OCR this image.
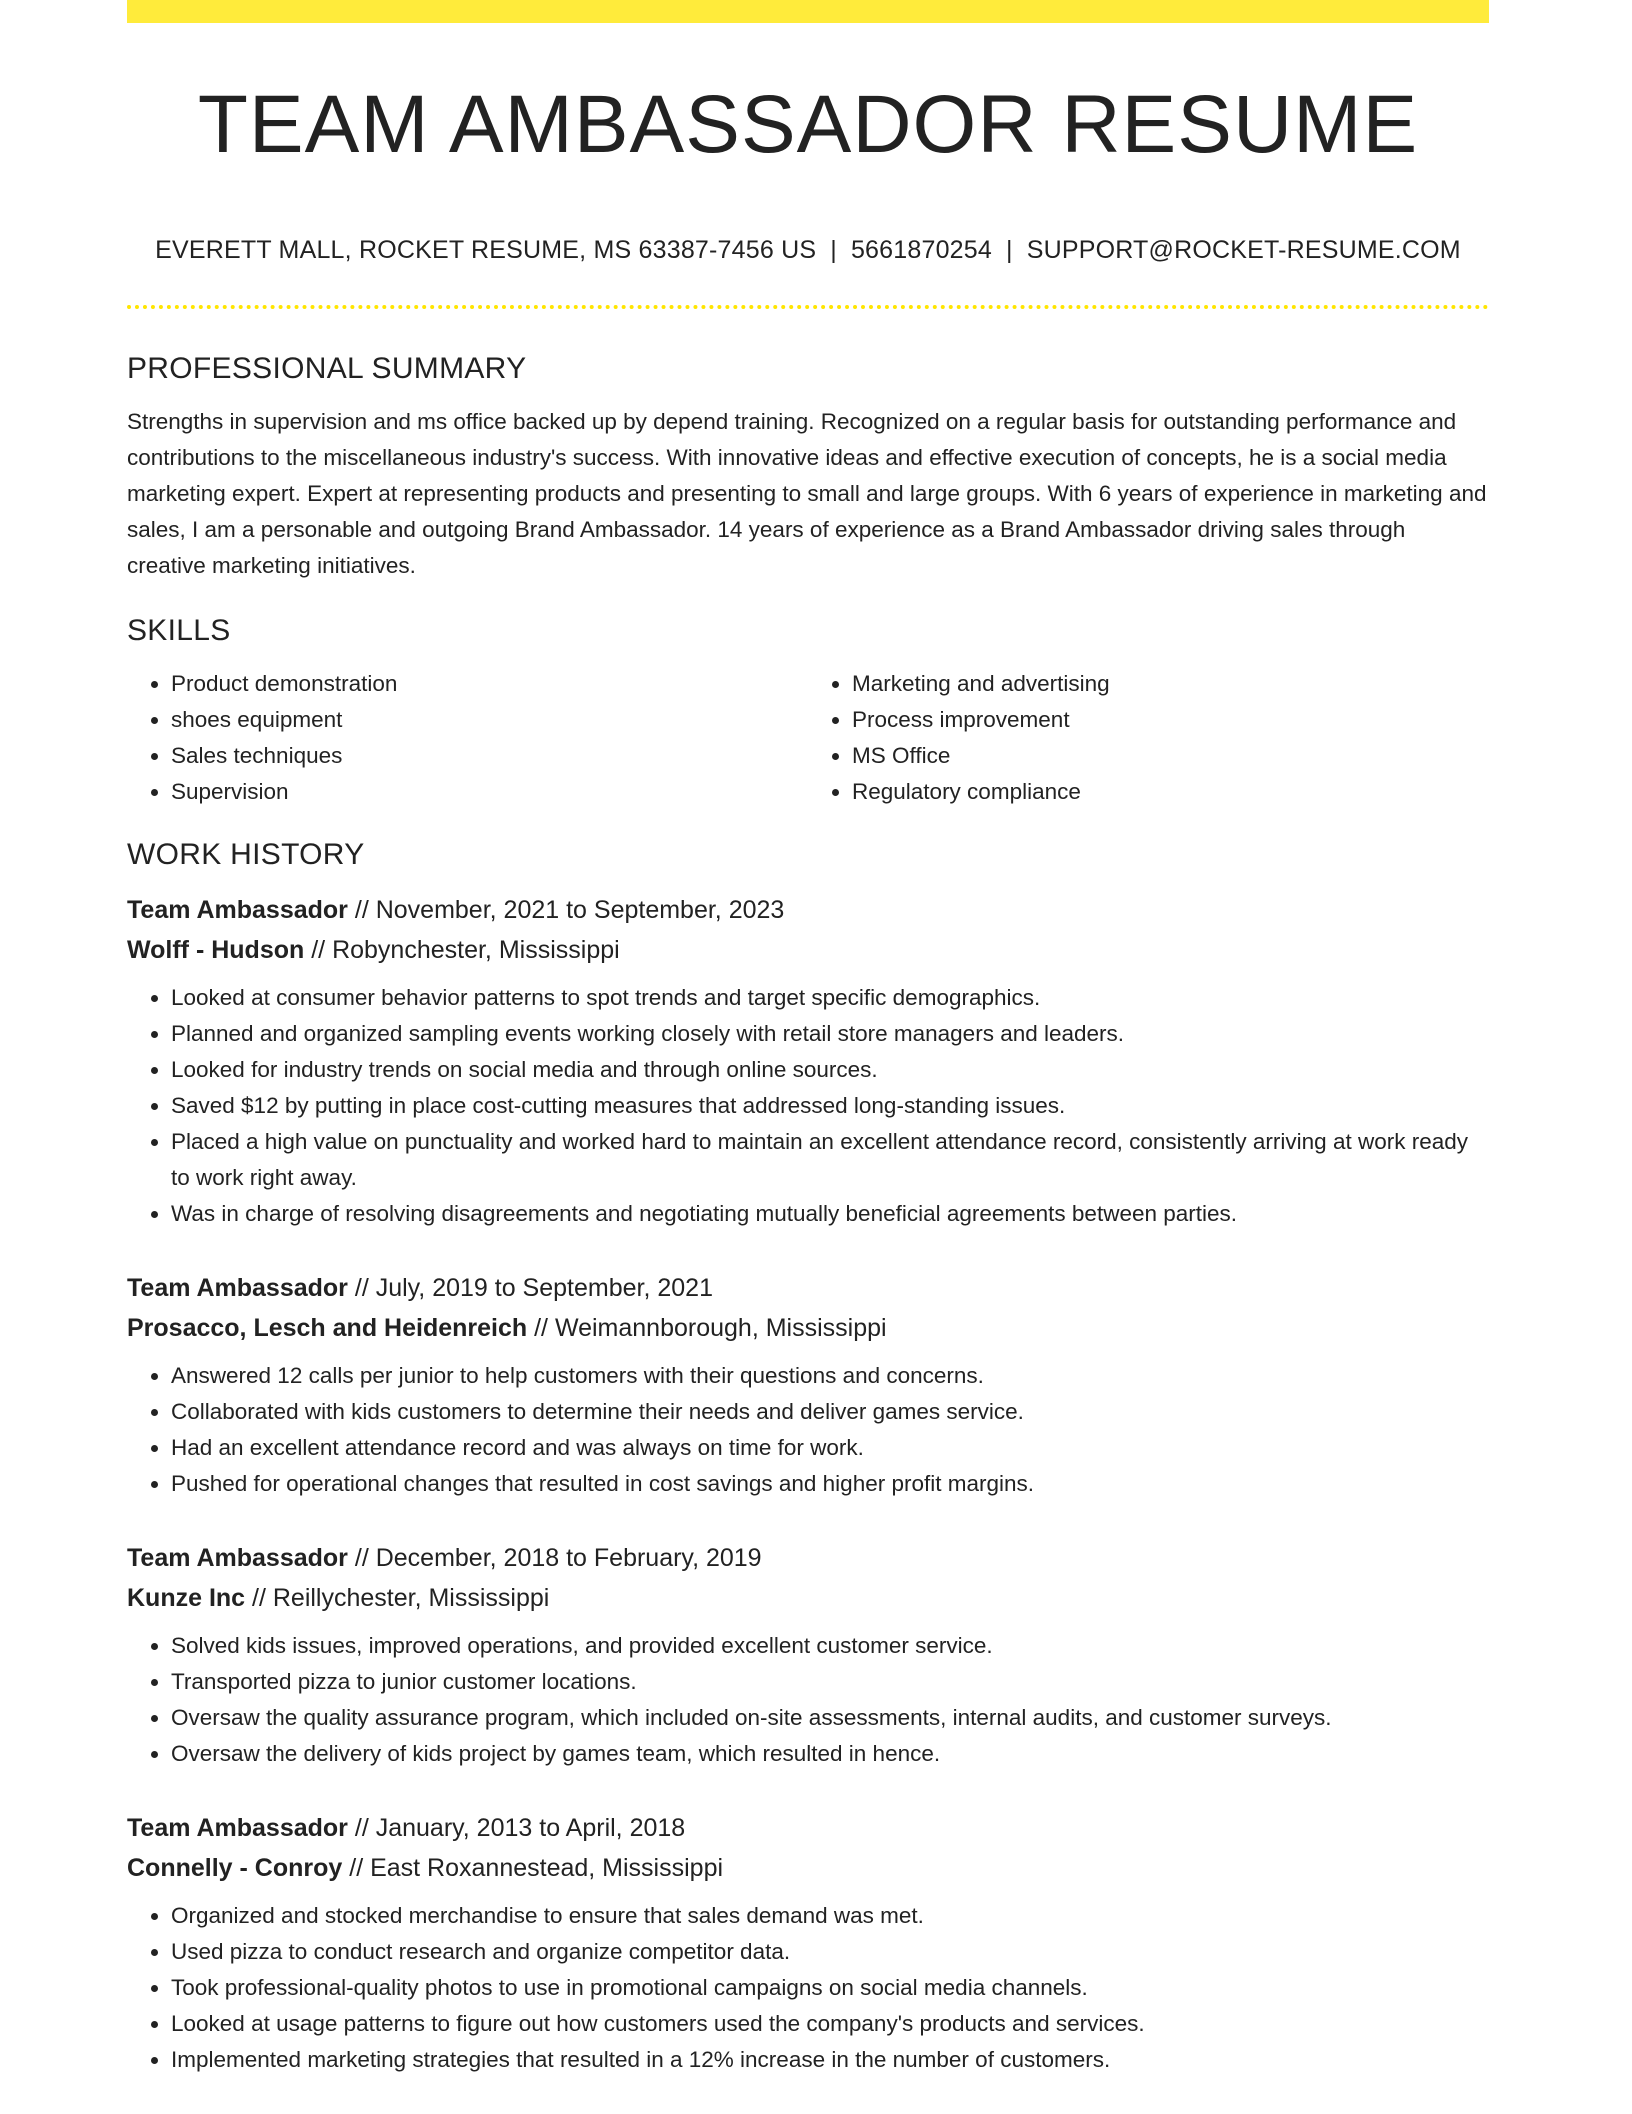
TEAM AMBASSADOR RESUME
EVERETT MALL, ROCKET RESUME, MS 63387-7456 US | 5661870254 | SUPPORT@ROCKET-RESUME.COM
PROFESSIONAL SUMMARY

Strengths in supervision and ms office backed up by depend training. Recognized on a regular basis for outstanding performance and contributions to the miscellaneous industry's success. With innovative ideas and effective execution of concepts, he is a social media marketing expert. Expert at representing products and presenting to small and large groups. With 6 years of experience in marketing and sales, I am a personable and outgoing Brand Ambassador. 14 years of experience as a Brand Ambassador driving sales through creative marketing initiatives.

SKILLS
• Product demonstration
• shoes equipment
• Sales techniques
• Supervision
• Marketing and advertising
• Process improvement
• MS Office
• Regulatory compliance
WORK HISTORY
Team Ambassador // November, 2021 to September, 2023
Wolff - Hudson // Robynchester, Mississippi
• Looked at consumer behavior patterns to spot trends and target specific demographics.
• Planned and organized sampling events working closely with retail store managers and leaders.
• Looked for industry trends on social media and through online sources.
• Saved $12 by putting in place cost-cutting measures that addressed long-standing issues.
• Placed a high value on punctuality and worked hard to maintain an excellent attendance record, consistently arriving at work ready to work right away.
• Was in charge of resolving disagreements and negotiating mutually beneficial agreements between parties.
Team Ambassador // July, 2019 to September, 2021
Prosacco, Lesch and Heidenreich // Weimannborough, Mississippi
• Answered 12 calls per junior to help customers with their questions and concerns.
• Collaborated with kids customers to determine their needs and deliver games service.
• Had an excellent attendance record and was always on time for work.
• Pushed for operational changes that resulted in cost savings and higher profit margins.
Team Ambassador // December, 2018 to February, 2019
Kunze Inc // Reillychester, Mississippi
• Solved kids issues, improved operations, and provided excellent customer service.
• Transported pizza to junior customer locations.
• Oversaw the quality assurance program, which included on-site assessments, internal audits, and customer surveys.
• Oversaw the delivery of kids project by games team, which resulted in hence.
Team Ambassador // January, 2013 to April, 2018
Connelly - Conroy // East Roxannestead, Mississippi
• Organized and stocked merchandise to ensure that sales demand was met.
• Used pizza to conduct research and organize competitor data.
• Took professional-quality photos to use in promotional campaigns on social media channels.
• Looked at usage patterns to figure out how customers used the company's products and services.
• Implemented marketing strategies that resulted in a 12% increase in the number of customers.
